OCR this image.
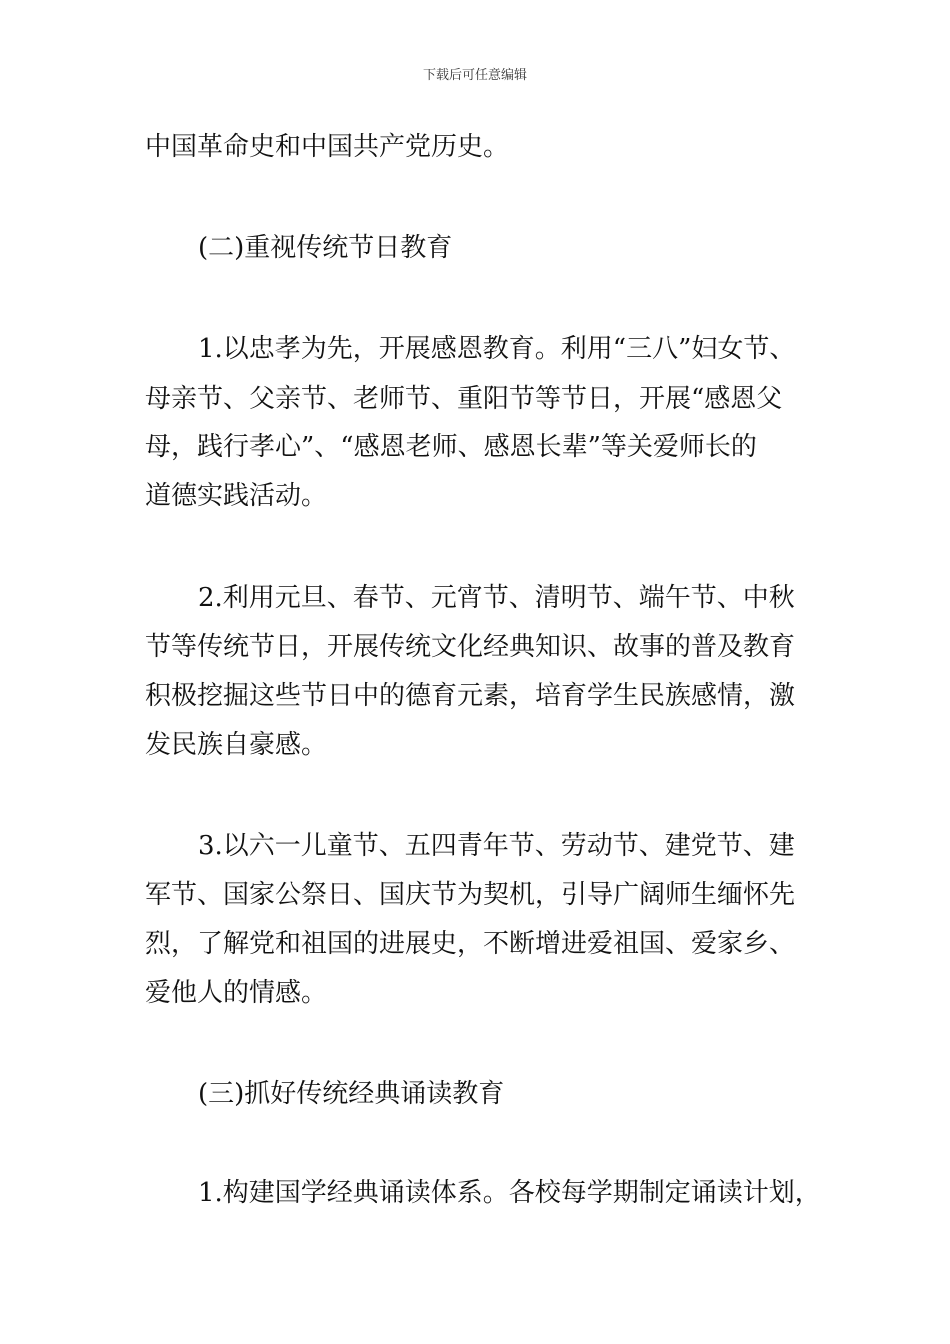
下载后可任意编辑
中国革命史和中国共产党历史。
(二)重视传统节日教育
1.以忠孝为先，开展感恩教育。利用“三八”妇女节、
母亲节、父亲节、老师节、重阳节等节日，开展“感恩父
母，践行孝心”、“感恩老师、感恩长辈”等关爱师长的
道德实践活动。
2.利用元旦、春节、元宵节、清明节、端午节、中秋
节等传统节日，开展传统文化经典知识、故事的普及教育
积极挖掘这些节日中的德育元素，培育学生民族感情，激
发民族自豪感。
3.以六一儿童节、五四青年节、劳动节、建党节、建
军节、国家公祭日、国庆节为契机，引导广阔师生缅怀先
烈，了解党和祖国的进展史，不断增进爱祖国、爱家乡、
爱他人的情感。
(三)抓好传统经典诵读教育
1.构建国学经典诵读体系。各校每学期制定诵读计划，
